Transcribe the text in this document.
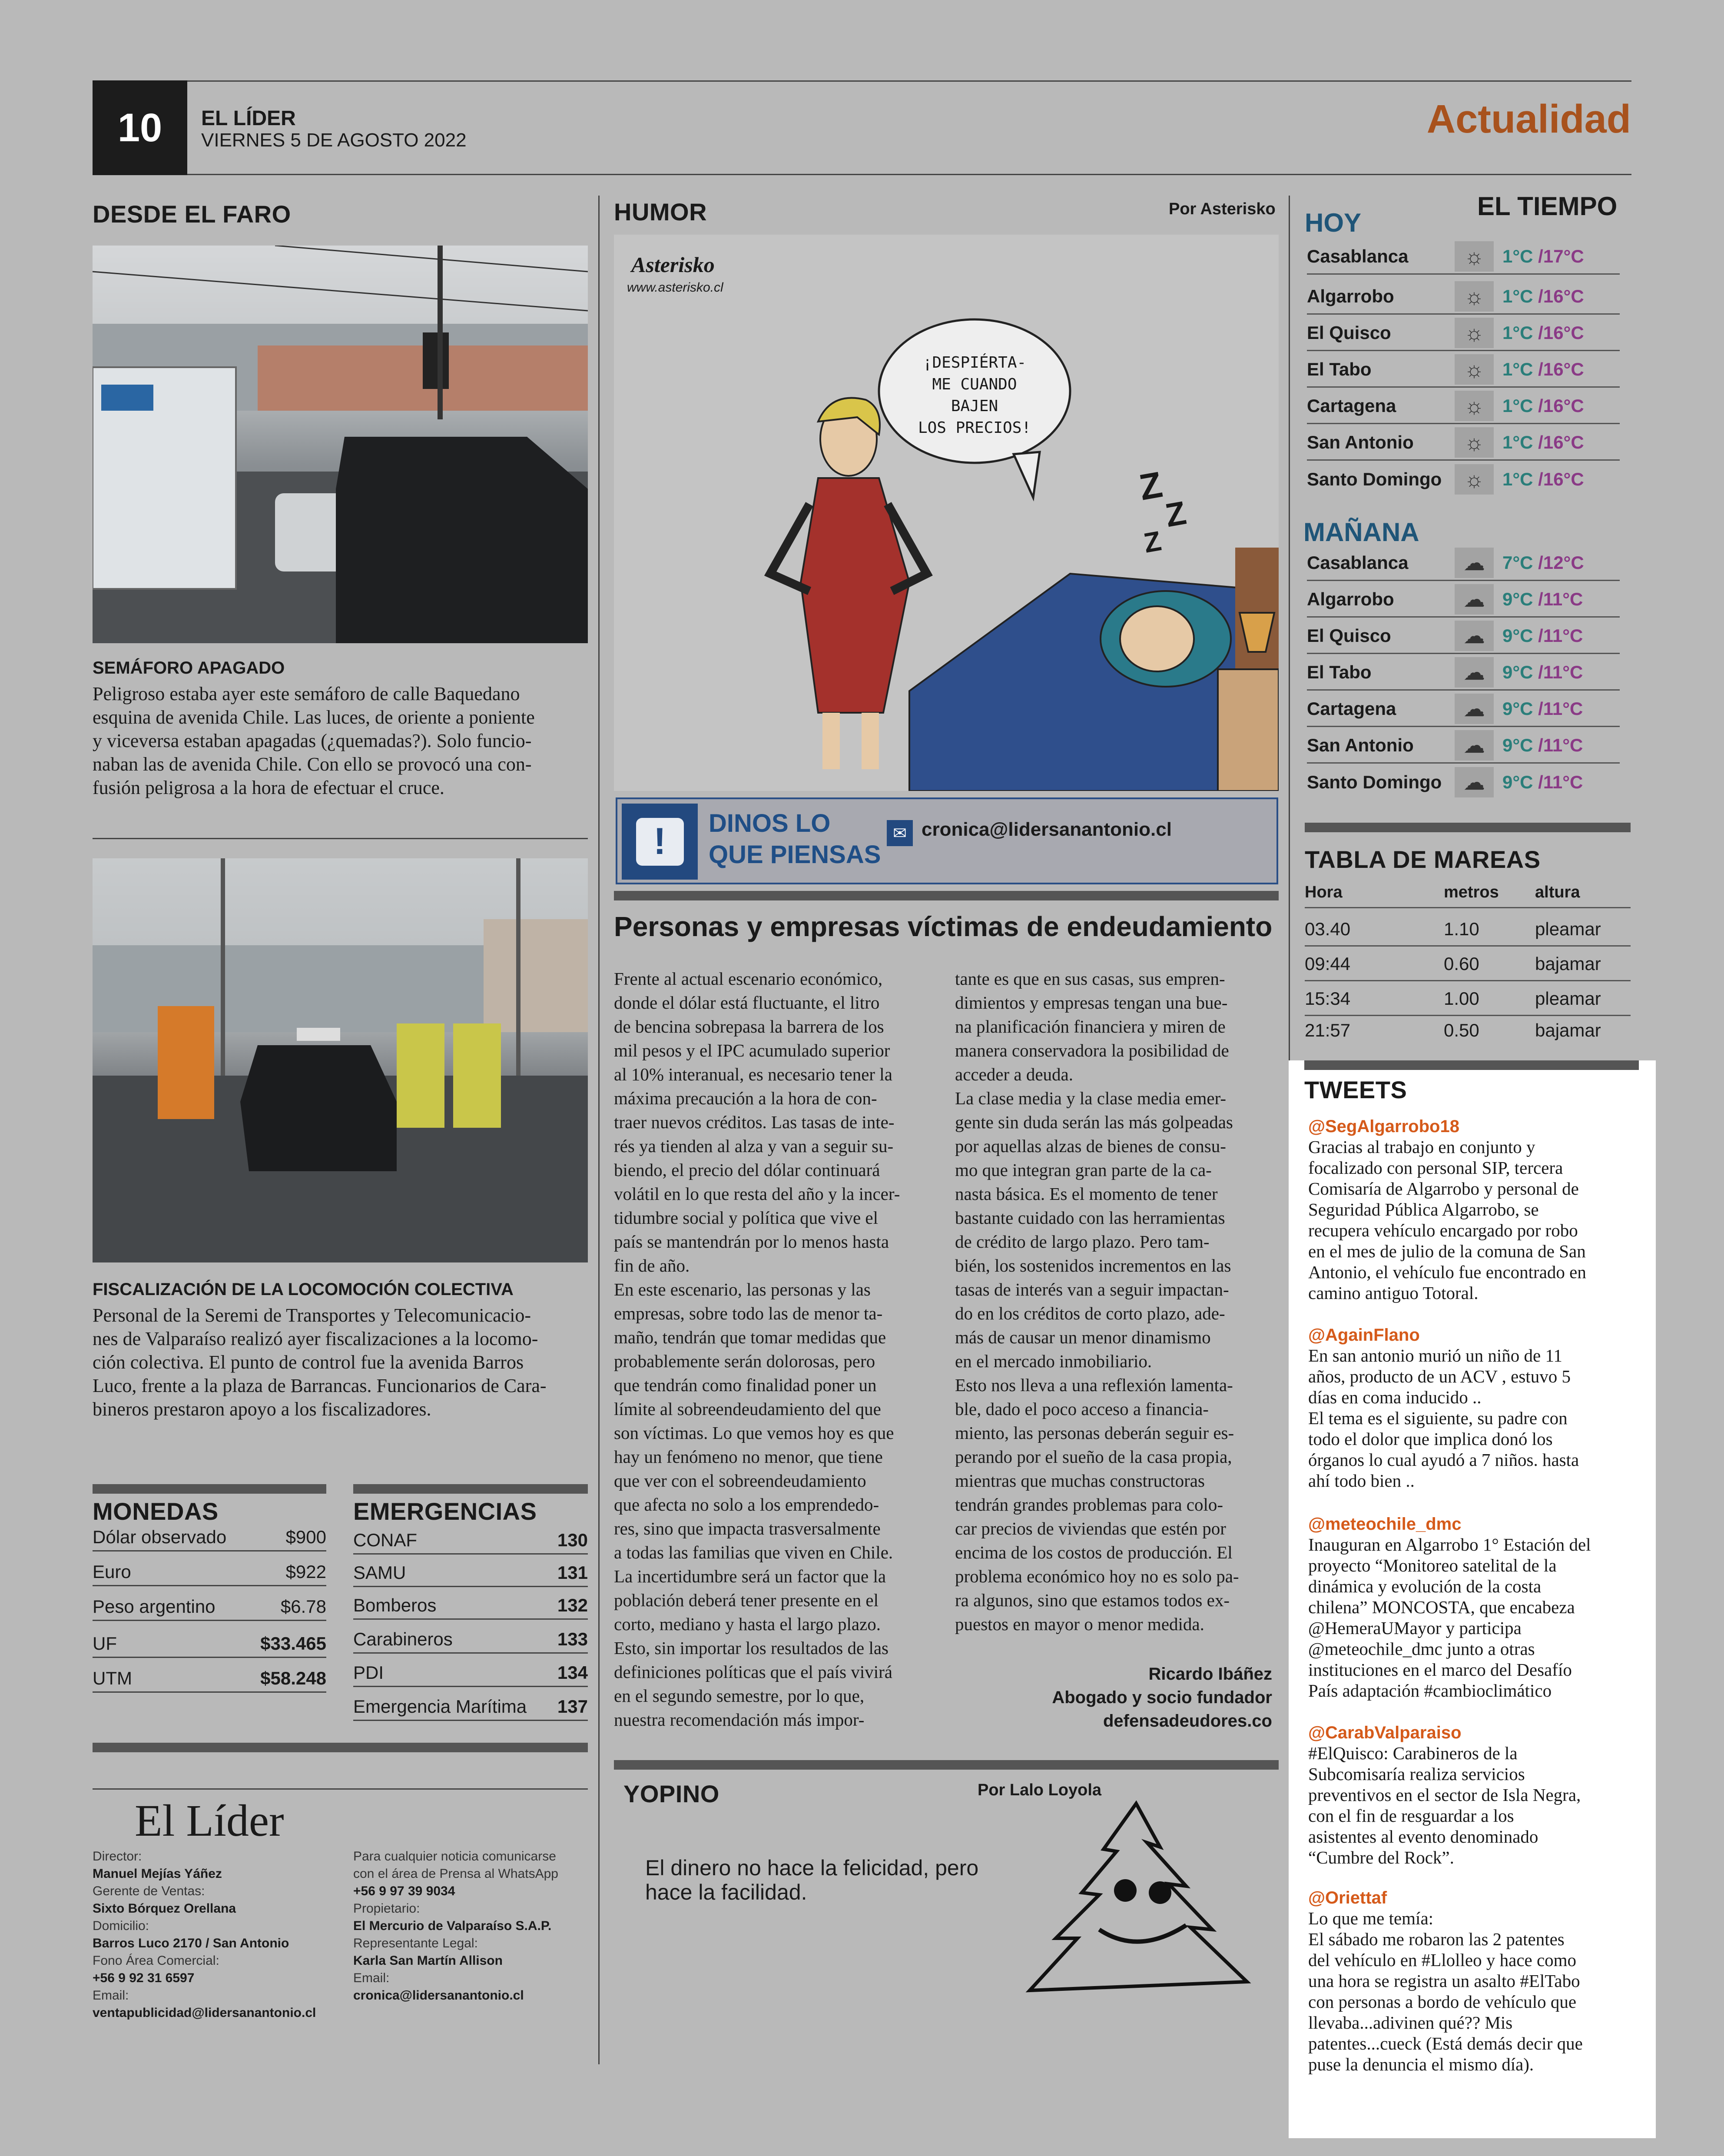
10	EL LÍDER
VIERNES 5 DE AGOSTO 2022	Actualidad
DESDE EL FARO
SEMÁFORO APAGADO
Peligroso estaba ayer este semáforo de calle Baquedano
esquina de avenida Chile. Las luces, de oriente a poniente
y viceversa estaban apagadas (¿quemadas?). Solo funcio-
naban las de avenida Chile. Con ello se provocó una con-
fusión peligrosa a la hora de efectuar el cruce.
FISCALIZACIÓN DE LA LOCOMOCIÓN COLECTIVA
Personal de la Seremi de Transportes y Telecomunicacio-
nes de Valparaíso realizó ayer fiscalizaciones a la locomo-
ción colectiva. El punto de control fue la avenida Barros
Luco, frente a la plaza de Barrancas. Funcionarios de Cara-
bineros prestaron apoyo a los fiscalizadores.
MONEDAS
Dólar observado	$900
Euro	$922
Peso argentino	$6.78
UF	$33.465
UTM	$58.248
EMERGENCIAS
CONAF	130
SAMU	131
Bomberos	132
Carabineros	133
PDI	134
Emergencia Marítima 137
El Líder
Director:
Manuel Mejías Yáñez
Gerente de Ventas:
Sixto Bórquez Orellana
Domicilio:
Barros Luco 2170 / San Antonio
Fono Área Comercial:
+56 9 92 31 6597
Email:
ventapublicidad@lidersanantonio.cl
Para cualquier noticia comunicarse
con el área de Prensa al WhatsApp
+56 9 97 39 9034
Propietario:
El Mercurio de Valparaíso S.A.P.
Representante Legal:
Karla San Martín Allison
Email:
cronica@lidersanantonio.cl
HUMOR	Por Asterisko
Asterisko
www.asterisko.cl
¡DESPIÉRTA-
ME CUANDO BAJEN
LOS PRECIOS!
Z
Z
Z
!	DINOS LO
QUE PIENSAS
✉ cronica@lidersanantonio.cl
Personas y empresas víctimas de endeudamiento
Frente al actual escenario económico,
donde el dólar está fluctuante, el litro
de bencina sobrepasa la barrera de los
mil pesos y el IPC acumulado superior
al 10% interanual, es necesario tener la
máxima precaución a la hora de con-
traer nuevos créditos. Las tasas de inte-
rés ya tienden al alza y van a seguir su-
biendo, el precio del dólar continuará
volátil en lo que resta del año y la incer-
tidumbre social y política que vive el
país se mantendrán por lo menos hasta
fin de año.
En este escenario, las personas y las
empresas, sobre todo las de menor ta-
maño, tendrán que tomar medidas que
probablemente serán dolorosas, pero
que tendrán como finalidad poner un
límite al sobreendeudamiento del que
son víctimas. Lo que vemos hoy es que
hay un fenómeno no menor, que tiene
que ver con el sobreendeudamiento
que afecta no solo a los emprendedo-
res, sino que impacta trasversalmente
a todas las familias que viven en Chile.
La incertidumbre será un factor que la
población deberá tener presente en el
corto, mediano y hasta el largo plazo.
Esto, sin importar los resultados de las
definiciones políticas que el país vivirá
en el segundo semestre, por lo que,
nuestra recomendación más impor-
tante es que en sus casas, sus empren-
dimientos y empresas tengan una bue-
na planificación financiera y miren de
manera conservadora la posibilidad de
acceder a deuda.
La clase media y la clase media emer-
gente sin duda serán las más golpeadas
por aquellas alzas de bienes de consu-
mo que integran gran parte de la ca-
nasta básica. Es el momento de tener
bastante cuidado con las herramientas
de crédito de largo plazo. Pero tam-
bién, los sostenidos incrementos en las
tasas de interés van a seguir impactan-
do en los créditos de corto plazo, ade-
más de causar un menor dinamismo
en el mercado inmobiliario.
Esto nos lleva a una reflexión lamenta-
ble, dado el poco acceso a financia-
miento, las personas deberán seguir es-
perando por el sueño de la casa propia,
mientras que muchas constructoras
tendrán grandes problemas para colo-
car precios de viviendas que estén por
encima de los costos de producción. El
problema económico hoy no es solo pa-
ra algunos, sino que estamos todos ex-
puestos en mayor o menor medida.
Ricardo Ibáñez
Abogado y socio fundador
defensadeudores.co
YOPINO	Por Lalo Loyola
El dinero no hace la felicidad, pero
hace la facilidad.
HOY
EL TIEMPO
Casablanca	☼	1°C /17°C
Algarrobo	☼	1°C /16°C
El Quisco	☼	1°C /16°C
El Tabo	☼	1°C /16°C
Cartagena	☼	1°C /16°C
San Antonio	☼	1°C /16°C
Santo Domingo	☼	1°C /16°C
MAÑANA
Casablanca	☁ 7°C /12°C
Algarrobo	☁ 9°C /11°C
El Quisco	☁ 9°C /11°C
El Tabo	☁ 9°C /11°C
Cartagena	☁ 9°C /11°C
San Antonio	☁ 9°C /11°C
Santo Domingo ☁ 9°C /11°C
TABLA DE MAREAS
Hora	metros	altura
03.40	1.10	pleamar
09:44	0.60	bajamar
15:34	1.00	pleamar
21:57	0.50	bajamar
TWEETS
@SegAlgarrobo18
Gracias al trabajo en conjunto y
focalizado con personal SIP, tercera
Comisaría de Algarrobo y personal de
Seguridad Pública Algarrobo, se
recupera vehículo encargado por robo
en el mes de julio de la comuna de San
Antonio, el vehículo fue encontrado en
camino antiguo Totoral.
@AgainFlano
En san antonio murió un niño de 11
años, producto de un ACV , estuvo 5
días en coma inducido ..
El tema es el siguiente, su padre con
todo el dolor que implica donó los
órganos lo cual ayudó a 7 niños. hasta
ahí todo bien ..
@meteochile_dmc
Inauguran en Algarrobo 1° Estación del
proyecto “Monitoreo satelital de la
dinámica y evolución de la costa
chilena” MONCOSTA, que encabeza
@HemeraUMayor y participa
@meteochile_dmc junto a otras
instituciones en el marco del Desafío
País adaptación #cambioclimático
@CarabValparaiso
#ElQuisco: Carabineros de la
Subcomisaría realiza servicios
preventivos en el sector de Isla Negra,
con el fin de resguardar a los
asistentes al evento denominado
“Cumbre del Rock”.
@Oriettaf
Lo que me temía:
El sábado me robaron las 2 patentes
del vehículo en #Llolleo y hace como
una hora se registra un asalto #ElTabo
con personas a bordo de vehículo que
llevaba...adivinen qué?? Mis
patentes...cueck (Está demás decir que
puse la denuncia el mismo día).
